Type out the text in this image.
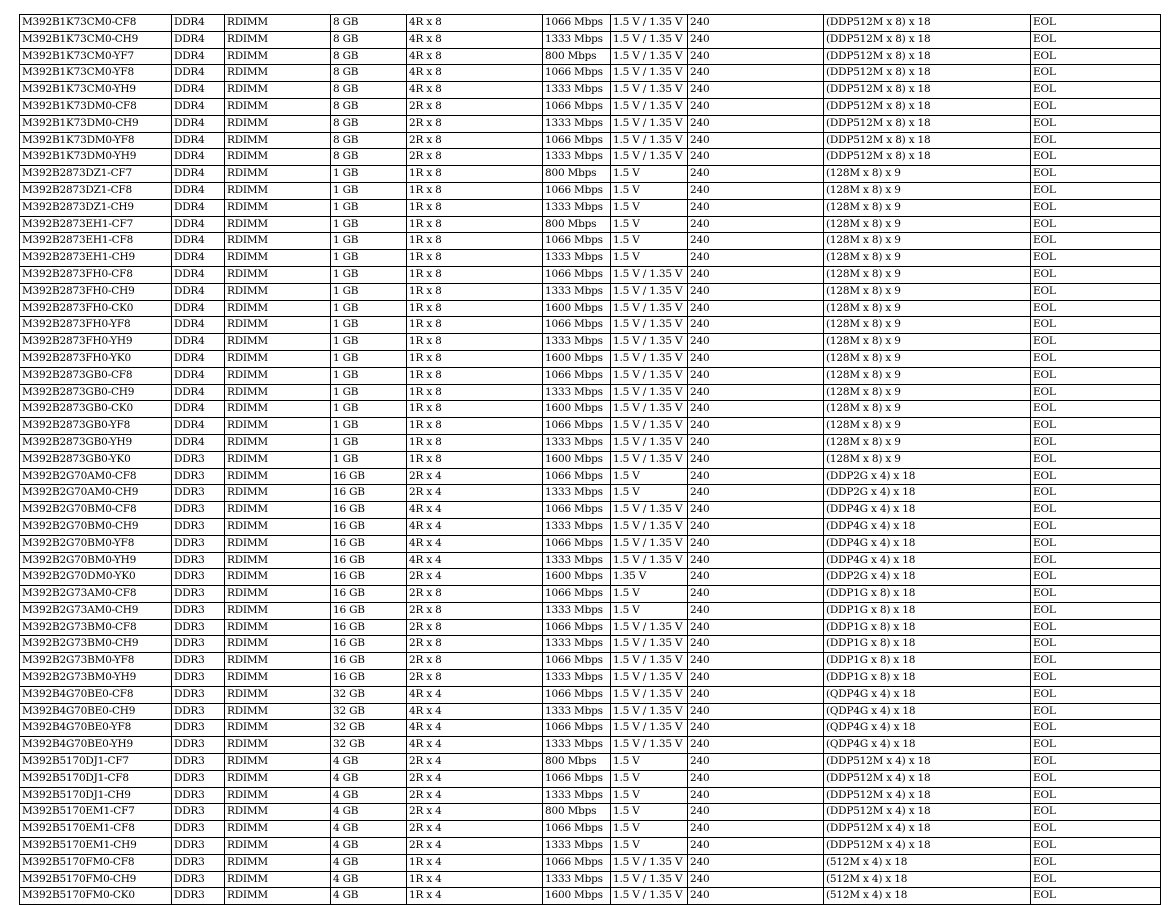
M392B1K73CM0-CF8	DDR4	RDIMM	8 GB	4R x 8	1066 Mbps	1.5 V / 1.35 V	240	(DDP512M x 8) x 18	EOL
M392B1K73CM0-CH9	DDR4	RDIMM	8 GB	4R x 8	1333 Mbps	1.5 V / 1.35 V	240	(DDP512M x 8) x 18	EOL
M392B1K73CM0-YF7	DDR4	RDIMM	8 GB	4R x 8	800 Mbps	1.5 V / 1.35 V	240	(DDP512M x 8) x 18	EOL
M392B1K73CM0-YF8	DDR4	RDIMM	8 GB	4R x 8	1066 Mbps	1.5 V / 1.35 V	240	(DDP512M x 8) x 18	EOL
M392B1K73CM0-YH9	DDR4	RDIMM	8 GB	4R x 8	1333 Mbps	1.5 V / 1.35 V	240	(DDP512M x 8) x 18	EOL
M392B1K73DM0-CF8	DDR4	RDIMM	8 GB	2R x 8	1066 Mbps	1.5 V / 1.35 V	240	(DDP512M x 8) x 18	EOL
M392B1K73DM0-CH9	DDR4	RDIMM	8 GB	2R x 8	1333 Mbps	1.5 V / 1.35 V	240	(DDP512M x 8) x 18	EOL
M392B1K73DM0-YF8	DDR4	RDIMM	8 GB	2R x 8	1066 Mbps	1.5 V / 1.35 V	240	(DDP512M x 8) x 18	EOL
M392B1K73DM0-YH9	DDR4	RDIMM	8 GB	2R x 8	1333 Mbps	1.5 V / 1.35 V	240	(DDP512M x 8) x 18	EOL
M392B2873DZ1-CF7	DDR4	RDIMM	1 GB	1R x 8	800 Mbps	1.5 V	240	(128M x 8) x 9	EOL
M392B2873DZ1-CF8	DDR4	RDIMM	1 GB	1R x 8	1066 Mbps	1.5 V	240	(128M x 8) x 9	EOL
M392B2873DZ1-CH9	DDR4	RDIMM	1 GB	1R x 8	1333 Mbps	1.5 V	240	(128M x 8) x 9	EOL
M392B2873EH1-CF7	DDR4	RDIMM	1 GB	1R x 8	800 Mbps	1.5 V	240	(128M x 8) x 9	EOL
M392B2873EH1-CF8	DDR4	RDIMM	1 GB	1R x 8	1066 Mbps	1.5 V	240	(128M x 8) x 9	EOL
M392B2873EH1-CH9	DDR4	RDIMM	1 GB	1R x 8	1333 Mbps	1.5 V	240	(128M x 8) x 9	EOL
M392B2873FH0-CF8	DDR4	RDIMM	1 GB	1R x 8	1066 Mbps	1.5 V / 1.35 V	240	(128M x 8) x 9	EOL
M392B2873FH0-CH9	DDR4	RDIMM	1 GB	1R x 8	1333 Mbps	1.5 V / 1.35 V	240	(128M x 8) x 9	EOL
M392B2873FH0-CK0	DDR4	RDIMM	1 GB	1R x 8	1600 Mbps	1.5 V / 1.35 V	240	(128M x 8) x 9	EOL
M392B2873FH0-YF8	DDR4	RDIMM	1 GB	1R x 8	1066 Mbps	1.5 V / 1.35 V	240	(128M x 8) x 9	EOL
M392B2873FH0-YH9	DDR4	RDIMM	1 GB	1R x 8	1333 Mbps	1.5 V / 1.35 V	240	(128M x 8) x 9	EOL
M392B2873FH0-YK0	DDR4	RDIMM	1 GB	1R x 8	1600 Mbps	1.5 V / 1.35 V	240	(128M x 8) x 9	EOL
M392B2873GB0-CF8	DDR4	RDIMM	1 GB	1R x 8	1066 Mbps	1.5 V / 1.35 V	240	(128M x 8) x 9	EOL
M392B2873GB0-CH9	DDR4	RDIMM	1 GB	1R x 8	1333 Mbps	1.5 V / 1.35 V	240	(128M x 8) x 9	EOL
M392B2873GB0-CK0	DDR4	RDIMM	1 GB	1R x 8	1600 Mbps	1.5 V / 1.35 V	240	(128M x 8) x 9	EOL
M392B2873GB0-YF8	DDR4	RDIMM	1 GB	1R x 8	1066 Mbps	1.5 V / 1.35 V	240	(128M x 8) x 9	EOL
M392B2873GB0-YH9	DDR4	RDIMM	1 GB	1R x 8	1333 Mbps	1.5 V / 1.35 V	240	(128M x 8) x 9	EOL
M392B2873GB0-YK0	DDR3	RDIMM	1 GB	1R x 8	1600 Mbps	1.5 V / 1.35 V	240	(128M x 8) x 9	EOL
M392B2G70AM0-CF8	DDR3	RDIMM	16 GB	2R x 4	1066 Mbps	1.5 V	240	(DDP2G x 4) x 18	EOL
M392B2G70AM0-CH9	DDR3	RDIMM	16 GB	2R x 4	1333 Mbps	1.5 V	240	(DDP2G x 4) x 18	EOL
M392B2G70BM0-CF8	DDR3	RDIMM	16 GB	4R x 4	1066 Mbps	1.5 V / 1.35 V	240	(DDP4G x 4) x 18	EOL
M392B2G70BM0-CH9	DDR3	RDIMM	16 GB	4R x 4	1333 Mbps	1.5 V / 1.35 V	240	(DDP4G x 4) x 18	EOL
M392B2G70BM0-YF8	DDR3	RDIMM	16 GB	4R x 4	1066 Mbps	1.5 V / 1.35 V	240	(DDP4G x 4) x 18	EOL
M392B2G70BM0-YH9	DDR3	RDIMM	16 GB	4R x 4	1333 Mbps	1.5 V / 1.35 V	240	(DDP4G x 4) x 18	EOL
M392B2G70DM0-YK0	DDR3	RDIMM	16 GB	2R x 4	1600 Mbps	1.35 V	240	(DDP2G x 4) x 18	EOL
M392B2G73AM0-CF8	DDR3	RDIMM	16 GB	2R x 8	1066 Mbps	1.5 V	240	(DDP1G x 8) x 18	EOL
M392B2G73AM0-CH9	DDR3	RDIMM	16 GB	2R x 8	1333 Mbps	1.5 V	240	(DDP1G x 8) x 18	EOL
M392B2G73BM0-CF8	DDR3	RDIMM	16 GB	2R x 8	1066 Mbps	1.5 V / 1.35 V	240	(DDP1G x 8) x 18	EOL
M392B2G73BM0-CH9	DDR3	RDIMM	16 GB	2R x 8	1333 Mbps	1.5 V / 1.35 V	240	(DDP1G x 8) x 18	EOL
M392B2G73BM0-YF8	DDR3	RDIMM	16 GB	2R x 8	1066 Mbps	1.5 V / 1.35 V	240	(DDP1G x 8) x 18	EOL
M392B2G73BM0-YH9	DDR3	RDIMM	16 GB	2R x 8	1333 Mbps	1.5 V / 1.35 V	240	(DDP1G x 8) x 18	EOL
M392B4G70BE0-CF8	DDR3	RDIMM	32 GB	4R x 4	1066 Mbps	1.5 V / 1.35 V	240	(QDP4G x 4) x 18	EOL
M392B4G70BE0-CH9	DDR3	RDIMM	32 GB	4R x 4	1333 Mbps	1.5 V / 1.35 V	240	(QDP4G x 4) x 18	EOL
M392B4G70BE0-YF8	DDR3	RDIMM	32 GB	4R x 4	1066 Mbps	1.5 V / 1.35 V	240	(QDP4G x 4) x 18	EOL
M392B4G70BE0-YH9	DDR3	RDIMM	32 GB	4R x 4	1333 Mbps	1.5 V / 1.35 V	240	(QDP4G x 4) x 18	EOL
M392B5170DJ1-CF7	DDR3	RDIMM	4 GB	2R x 4	800 Mbps	1.5 V	240	(DDP512M x 4) x 18	EOL
M392B5170DJ1-CF8	DDR3	RDIMM	4 GB	2R x 4	1066 Mbps	1.5 V	240	(DDP512M x 4) x 18	EOL
M392B5170DJ1-CH9	DDR3	RDIMM	4 GB	2R x 4	1333 Mbps	1.5 V	240	(DDP512M x 4) x 18	EOL
M392B5170EM1-CF7	DDR3	RDIMM	4 GB	2R x 4	800 Mbps	1.5 V	240	(DDP512M x 4) x 18	EOL
M392B5170EM1-CF8	DDR3	RDIMM	4 GB	2R x 4	1066 Mbps	1.5 V	240	(DDP512M x 4) x 18	EOL
M392B5170EM1-CH9	DDR3	RDIMM	4 GB	2R x 4	1333 Mbps	1.5 V	240	(DDP512M x 4) x 18	EOL
M392B5170FM0-CF8	DDR3	RDIMM	4 GB	1R x 4	1066 Mbps	1.5 V / 1.35 V	240	(512M x 4) x 18	EOL
M392B5170FM0-CH9	DDR3	RDIMM	4 GB	1R x 4	1333 Mbps	1.5 V / 1.35 V	240	(512M x 4) x 18	EOL
M392B5170FM0-CK0	DDR3	RDIMM	4 GB	1R x 4	1600 Mbps	1.5 V / 1.35 V	240	(512M x 4) x 18	EOL
